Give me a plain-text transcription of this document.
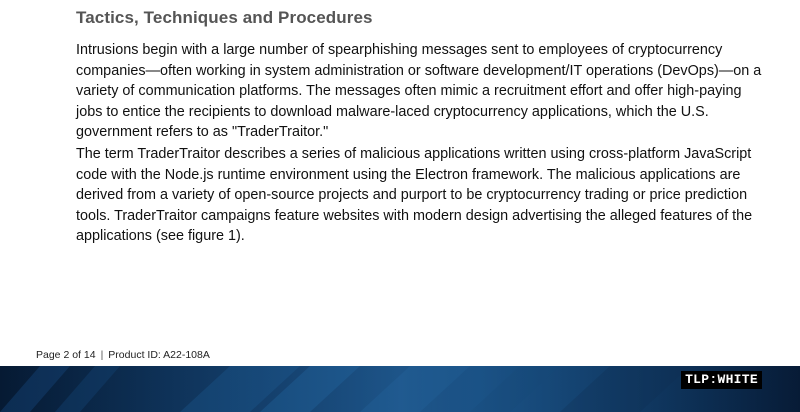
Tactics, Techniques and Procedures

Intrusions begin with a large number of spearphishing messages sent to employees of cryptocurrency companies—often working in system administration or software development/IT operations (DevOps)—on a variety of communication platforms. The messages often mimic a recruitment effort and offer high-paying jobs to entice the recipients to download malware-laced cryptocurrency applications, which the U.S. government refers to as "TraderTraitor."

The term TraderTraitor describes a series of malicious applications written using cross-platform JavaScript code with the Node.js runtime environment using the Electron framework. The malicious applications are derived from a variety of open-source projects and purport to be cryptocurrency trading or price prediction tools. TraderTraitor campaigns feature websites with modern design advertising the alleged features of the applications (see figure 1).

Page 2 of 14 | Product ID: A22-108A
TLP:WHITE
